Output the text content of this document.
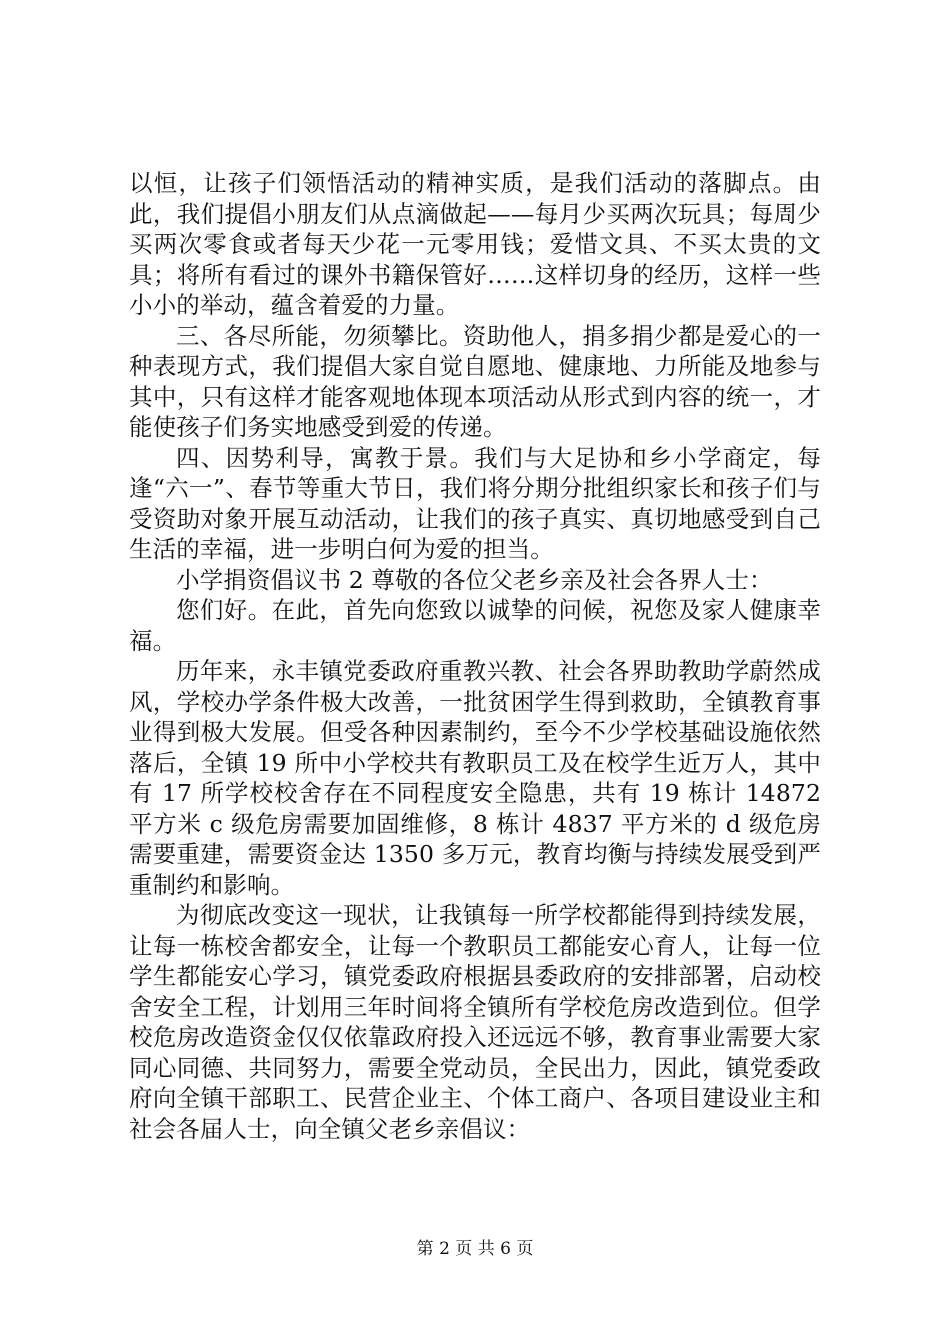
以恒，让孩子们领悟活动的精神实质，是我们活动的落脚点。由此，我们提倡小朋友们从点滴做起——每月少买两次玩具；每周少买两次零食或者每天少花一元零用钱；爱惜文具、不买太贵的文具；将所有看过的课外书籍保管好……这样切身的经历，这样一些小小的举动，蕴含着爱的力量。

三、各尽所能，勿须攀比。资助他人，捐多捐少都是爱心的一种表现方式，我们提倡大家自觉自愿地、健康地、力所能及地参与其中，只有这样才能客观地体现本项活动从形式到内容的统一，才能使孩子们务实地感受到爱的传递。

四、因势利导，寓教于景。我们与大足协和乡小学商定，每逢“六一”、春节等重大节日，我们将分期分批组织家长和孩子们与受资助对象开展互动活动，让我们的孩子真实、真切地感受到自己生活的幸福，进一步明白何为爱的担当。

小学捐资倡议书 2 尊敬的各位父老乡亲及社会各界人士：

您们好。在此，首先向您致以诚挚的问候，祝您及家人健康幸福。

历年来，永丰镇党委政府重教兴教、社会各界助教助学蔚然成风，学校办学条件极大改善，一批贫困学生得到救助，全镇教育事业得到极大发展。但受各种因素制约，至今不少学校基础设施依然落后，全镇 19 所中小学校共有教职员工及在校学生近万人，其中有 17 所学校校舍存在不同程度安全隐患，共有 19 栋计 14872 平方米 c 级危房需要加固维修，8 栋计 4837 平方米的 d 级危房需要重建，需要资金达 1350 多万元，教育均衡与持续发展受到严重制约和影响。

为彻底改变这一现状，让我镇每一所学校都能得到持续发展，让每一栋校舍都安全，让每一个教职员工都能安心育人，让每一位学生都能安心学习，镇党委政府根据县委政府的安排部署，启动校舍安全工程，计划用三年时间将全镇所有学校危房改造到位。但学校危房改造资金仅仅依靠政府投入还远远不够，教育事业需要大家同心同德、共同努力，需要全党动员，全民出力，因此，镇党委政府向全镇干部职工、民营企业主、个体工商户、各项目建设业主和社会各届人士，向全镇父老乡亲倡议：

第 2 页 共 6 页
